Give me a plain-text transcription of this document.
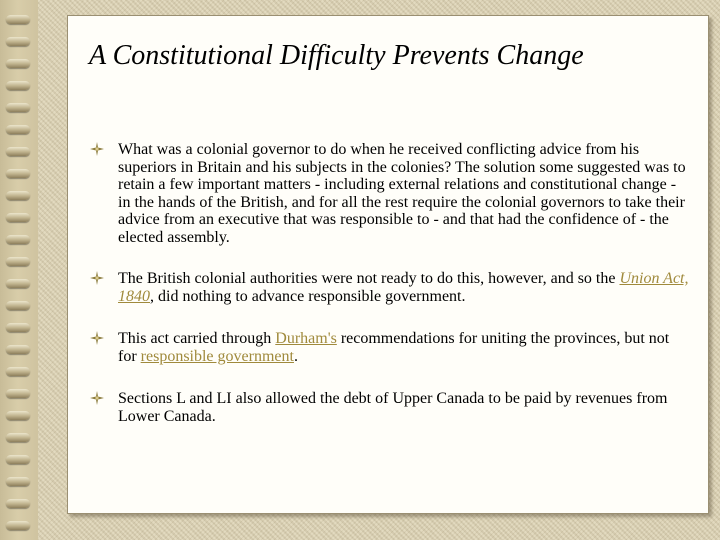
A Constitutional Difficulty Prevents Change
What was a colonial governor to do when he received conflicting advice from his superiors in Britain and his subjects in the colonies? The solution some suggested was to retain a few important matters - including external relations and constitutional change - in the hands of the British, and for all the rest require the colonial governors to take their advice from an executive that was responsible to - and that had the confidence of - the elected assembly.
The British colonial authorities were not ready to do this, however, and so the Union Act, 1840, did nothing to advance responsible government.
This act carried through Durham's recommendations for uniting the provinces, but not for responsible government.
Sections L and LI also allowed the debt of Upper Canada to be paid by revenues from Lower Canada.
